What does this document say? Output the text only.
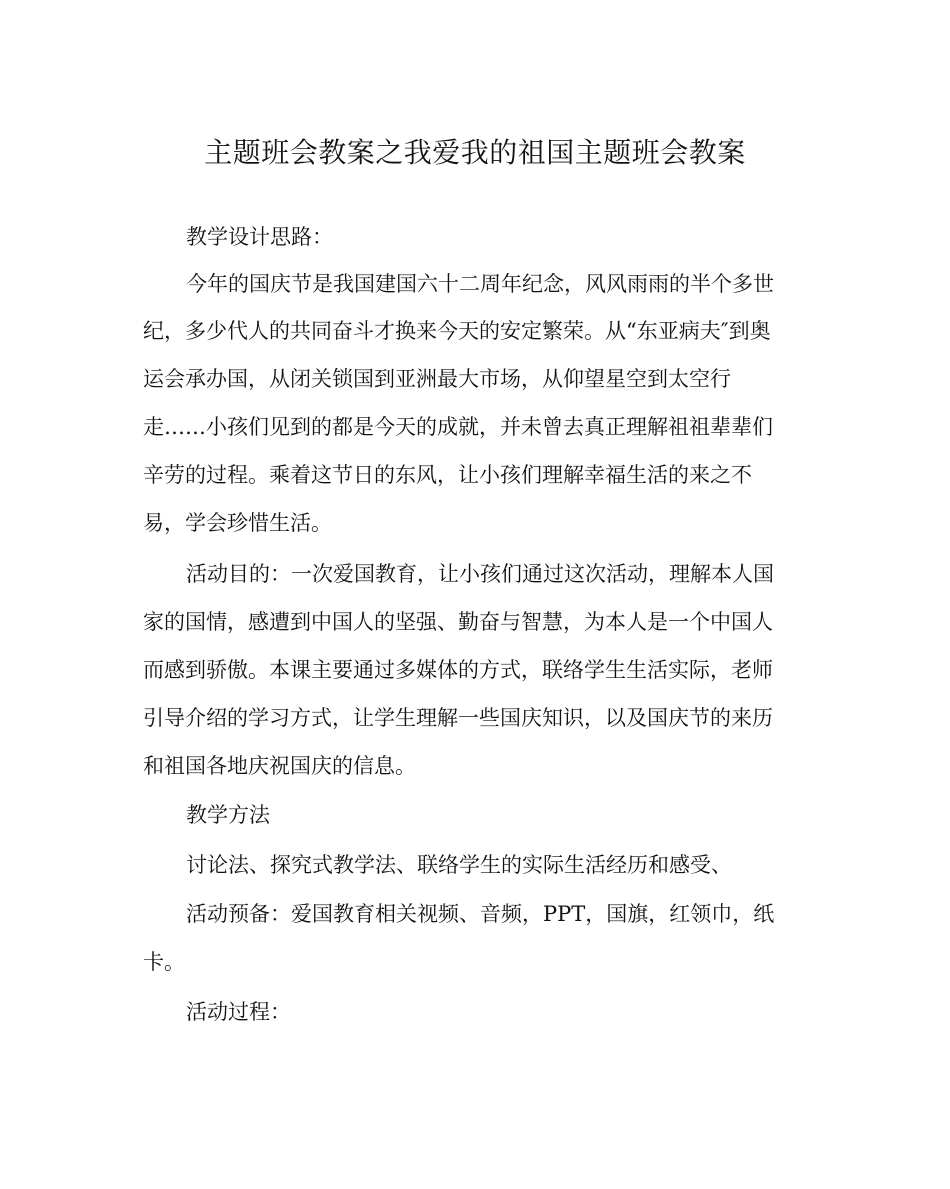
主题班会教案之我爱我的祖国主题班会教案
教学设计思路：
今年的国庆节是我国建国六十二周年纪念，风风雨雨的半个多世
纪，多少代人的共同奋斗才换来今天的安定繁荣。从“东亚病夫″到奥
运会承办国，从闭关锁国到亚洲最大市场，从仰望星空到太空行
走……小孩们见到的都是今天的成就，并未曾去真正理解祖祖辈辈们
辛劳的过程。乘着这节日的东风，让小孩们理解幸福生活的来之不
易，学会珍惜生活。
活动目的：一次爱国教育，让小孩们通过这次活动，理解本人国
家的国情，感遭到中国人的坚强、勤奋与智慧，为本人是一个中国人
而感到骄傲。本课主要通过多媒体的方式，联络学生生活实际，老师
引导介绍的学习方式，让学生理解一些国庆知识，以及国庆节的来历
和祖国各地庆祝国庆的信息。
教学方法
讨论法、探究式教学法、联络学生的实际生活经历和感受、
活动预备：爱国教育相关视频、音频，PPT，国旗，红领巾，纸
卡。
活动过程：
